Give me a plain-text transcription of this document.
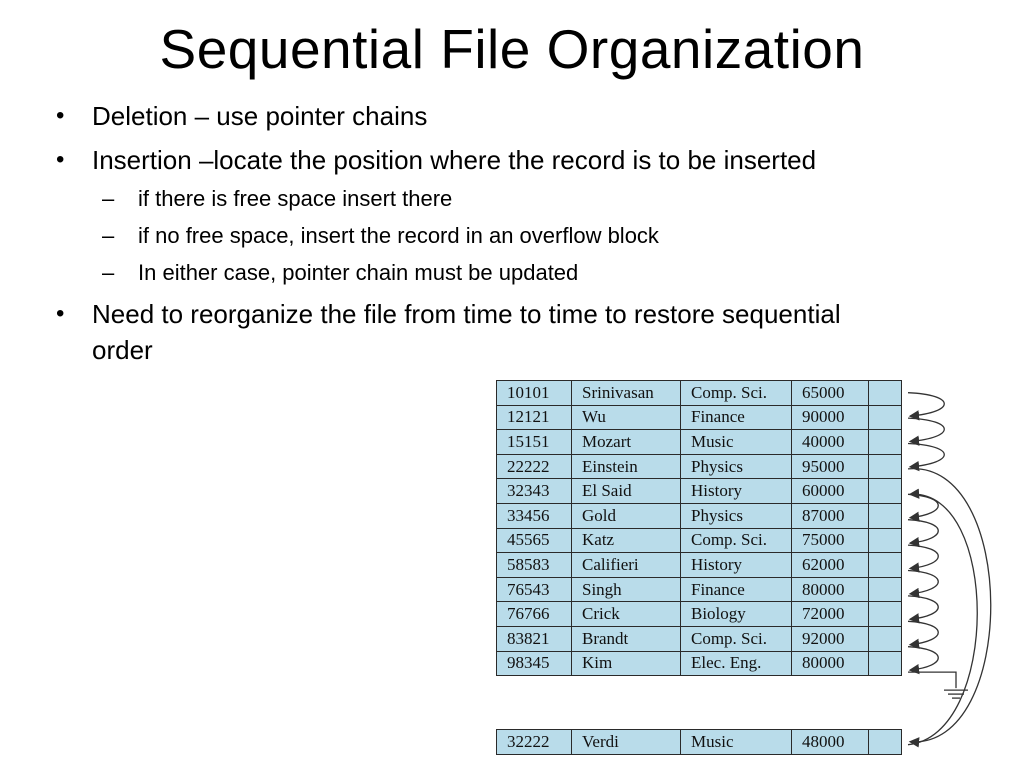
Sequential File Organization
• Deletion – use pointer chains
• Insertion –locate the position where the record is to be inserted
– if there is free space insert there
– if no free space, insert the record in an overflow block
– In either case, pointer chain must be updated
• Need to reorganize the file from time to time to restore sequential order
10101	Srinivasan	Comp. Sci.	65000	
12121	Wu	Finance	90000	
15151	Mozart	Music	40000	
22222	Einstein	Physics	95000	
32343	El Said	History	60000	
33456	Gold	Physics	87000	
45565	Katz	Comp. Sci.	75000	
58583	Califieri	History	62000	
76543	Singh	Finance	80000	
76766	Crick	Biology	72000	
83821	Brandt	Comp. Sci.	92000	
98345	Kim	Elec. Eng.	80000	
32222	Verdi	Music	48000	
